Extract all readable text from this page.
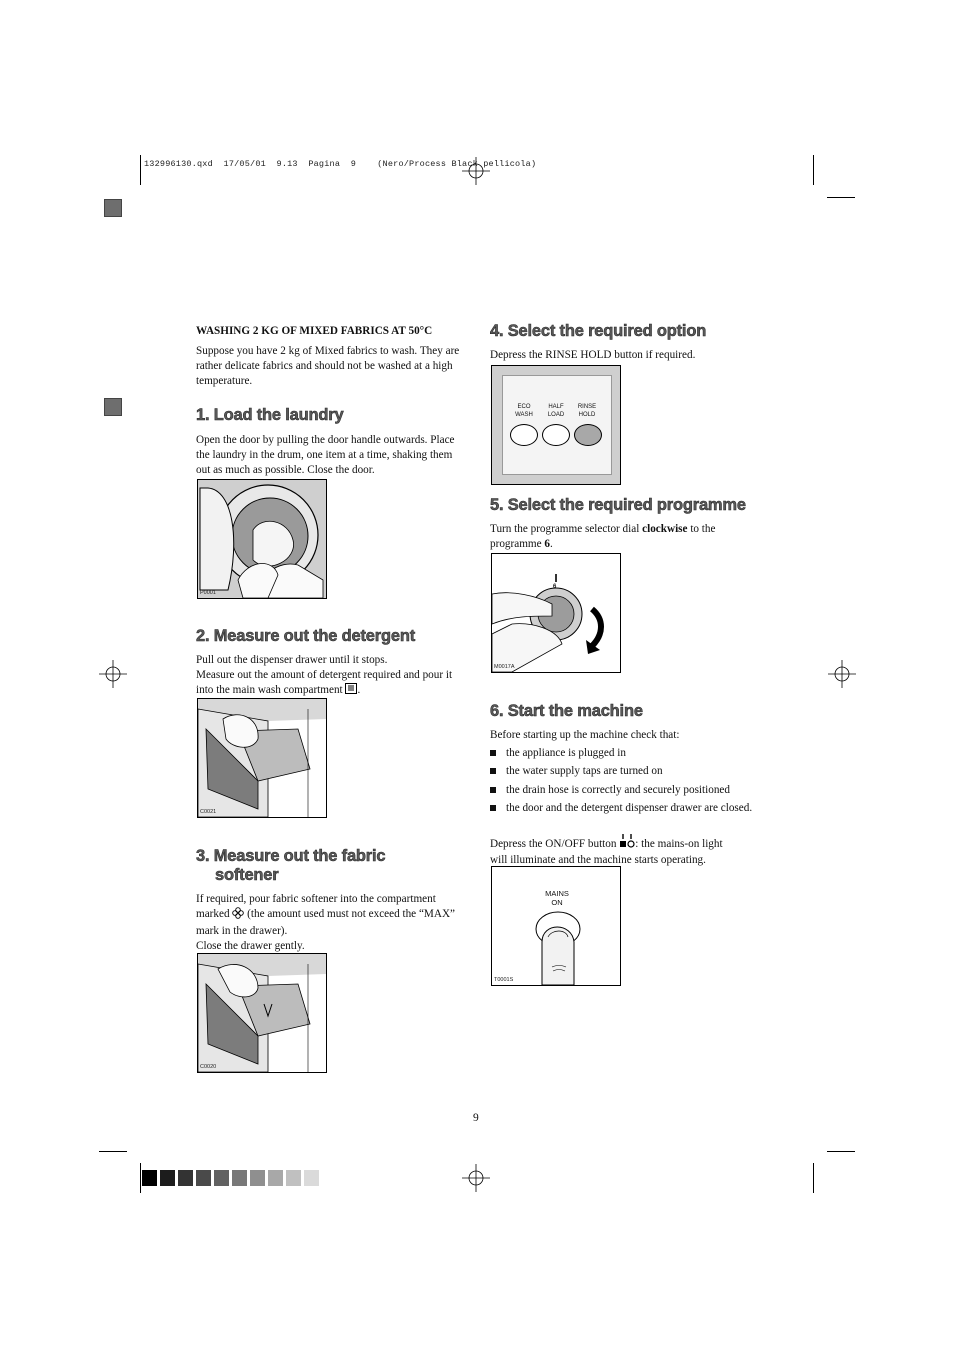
132996130.qxd  17/05/01  9.13  Pagina  9    (Nero/Process Black pellicola)
WASHING 2 KG OF MIXED FABRICS AT 50°C
Suppose you have 2 kg of Mixed fabrics to wash. They are rather delicate fabrics and should not be washed at a high temperature.
1. Load the laundry
Open the door by pulling the door handle outwards. Place the laundry in the drum, one item at a time, shaking them out as much as possible. Close the door.
P0001
2. Measure out the detergent
Pull out the dispenser drawer until it stops.
Measure out the amount of detergent required and pour it into the main wash compartment .
C0021
3. Measure out the fabric
softener
If required, pour fabric softener into the compartment marked (the amount used must not exceed the “MAX” mark in the drawer).
Close the drawer gently.
C0020
4. Select the required option
Depress the RINSE HOLD button if required.
ECO
WASH
HALF
LOAD
RINSE
HOLD
5. Select the required programme
Turn the programme selector dial clockwise to the programme 6.
6
M0017A
6. Start the machine
Before starting up the machine check that:
the appliance is plugged in
the water supply taps are turned on
the drain hose is correctly and securely positioned
the door and the detergent dispenser drawer are closed.
Depress the ON/OFF button : the mains-on light
will illuminate and the machine starts operating.
MAINS
ON
T0001S
9
